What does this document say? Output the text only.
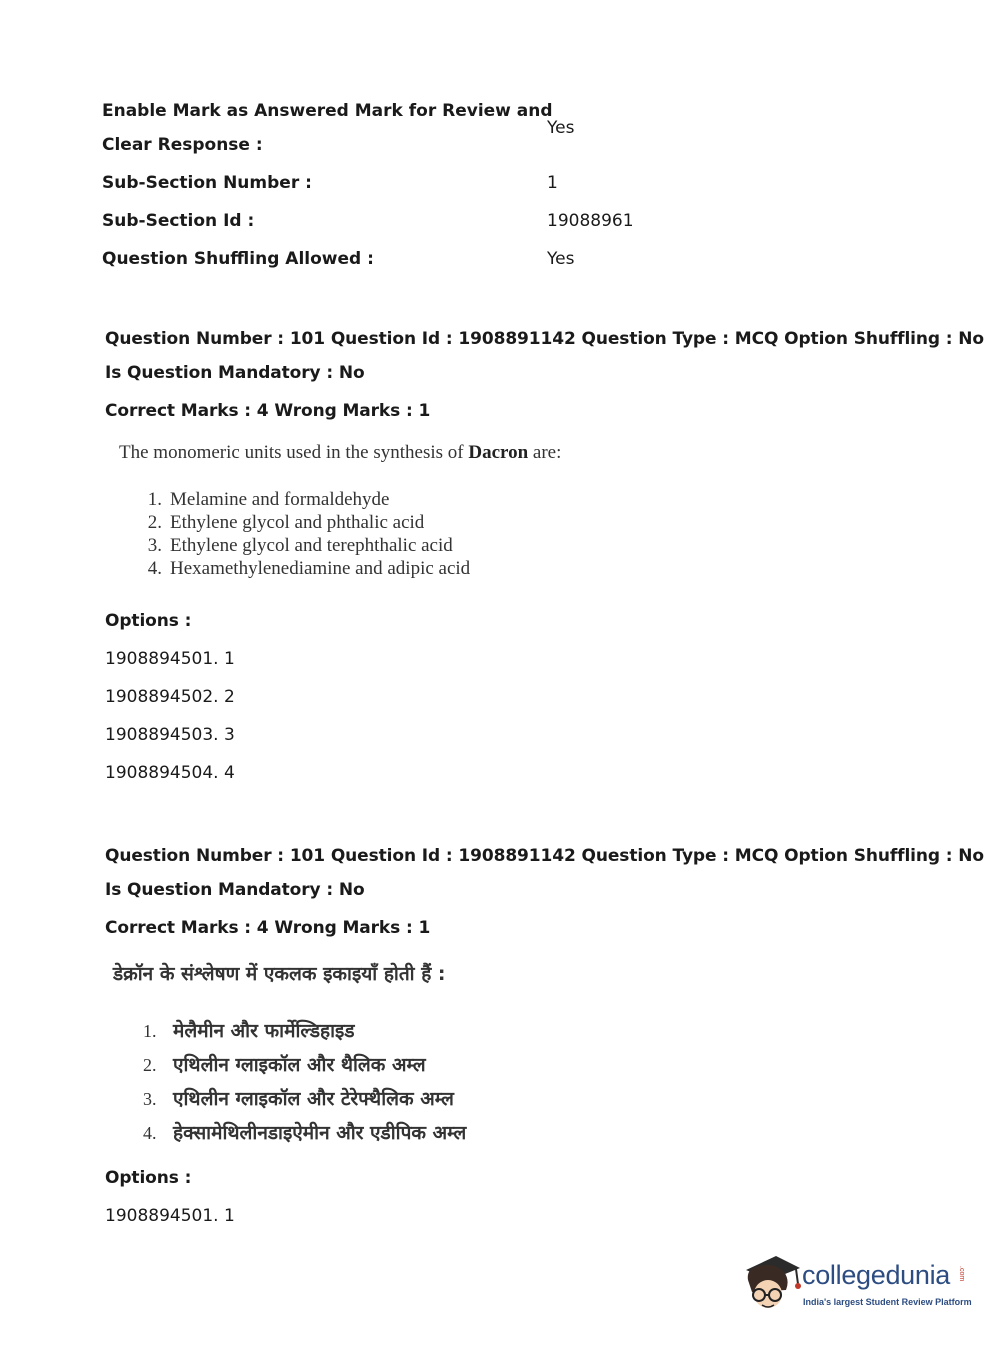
Enable Mark as Answered Mark for Review and
Clear Response :
Yes
Sub-Section Number :	1
Sub-Section Id :	19088961
Question Shuffling Allowed :	Yes
Question Number : 101 Question Id : 1908891142 Question Type : MCQ Option Shuffling : No
Is Question Mandatory : No
Correct Marks : 4 Wrong Marks : 1
The monomeric units used in the synthesis of Dacron are:
1. Melamine and formaldehyde
2. Ethylene glycol and phthalic acid
3. Ethylene glycol and terephthalic acid
4. Hexamethylenediamine and adipic acid
Options :
1908894501. 1
1908894502. 2
1908894503. 3
1908894504. 4
Question Number : 101 Question Id : 1908891142 Question Type : MCQ Option Shuffling : No
Is Question Mandatory : No
Correct Marks : 4 Wrong Marks : 1
डेक्रॉन के संश्लेषण में एकलक इकाइयाँ होती हैं :
1. मेलैमीन और फार्मेल्डिहाइड
2. एथिलीन ग्लाइकॉल और थैलिक अम्ल
3. एथिलीन ग्लाइकॉल और टेरेफ्थैलिक अम्ल
4. हेक्सामेथिलीनडाइऐमीन और एडीपिक अम्ल
Options :
1908894501. 1
collegedunia .com
India's largest Student Review Platform
